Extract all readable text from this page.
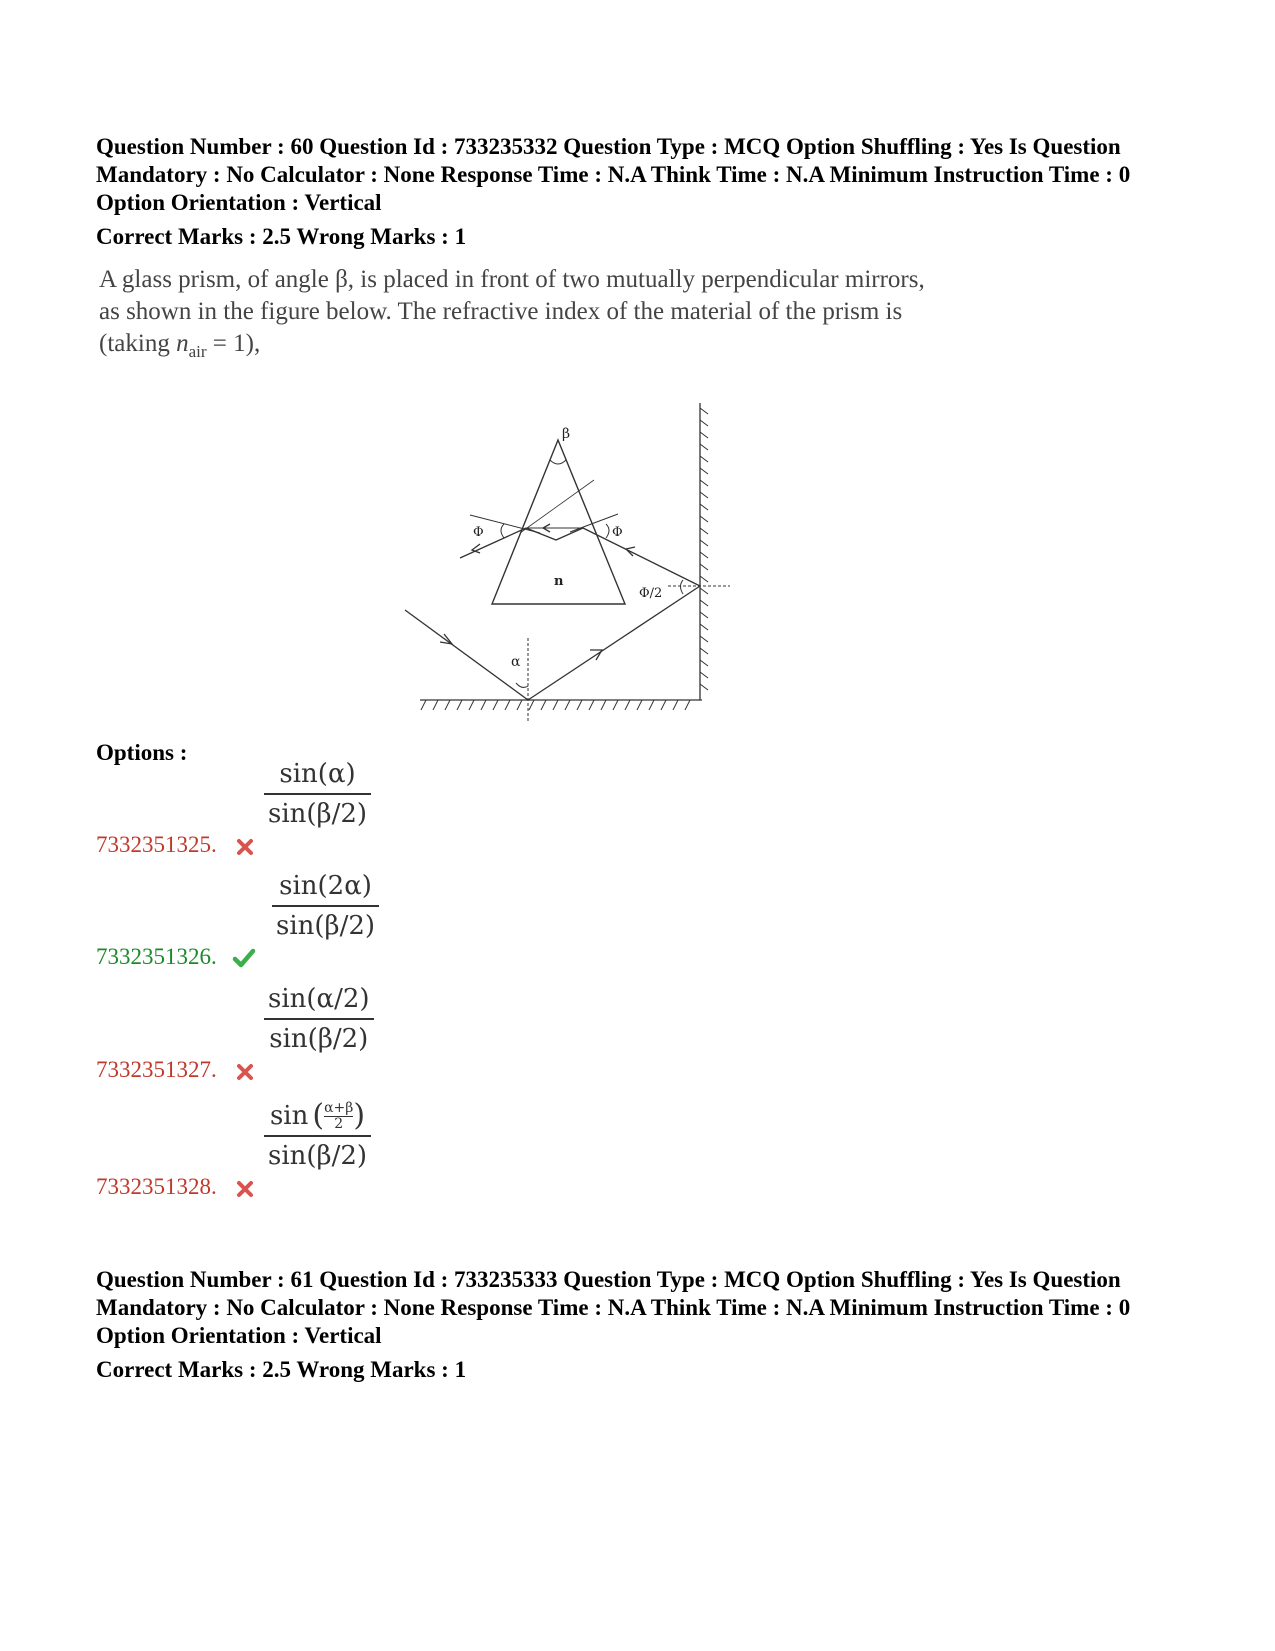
Question Number : 60 Question Id : 733235332 Question Type : MCQ Option Shuffling : Yes Is Question Mandatory : No Calculator : None Response Time : N.A Think Time : N.A Minimum Instruction Time : 0 Option Orientation : Vertical

Correct Marks : 2.5 Wrong Marks : 1

A glass prism, of angle β, is placed in front of two mutually perpendicular mirrors,
as shown in the figure below. The refractive index of the material of the prism is
(taking $n_{air} = 1$),
β
Φ	Φ
n
Φ/2
α

Options :

7332351325.
sin(α)
sin(β/2)
7332351326.
sin(2α)
sin(β/2)
7332351327.
sin(α/2)
sin(β/2)
7332351328.
sin ( α+β
2 )
sin(β/2)

Question Number : 61 Question Id : 733235333 Question Type : MCQ Option Shuffling : Yes Is Question Mandatory : No Calculator : None Response Time : N.A Think Time : N.A Minimum Instruction Time : 0 Option Orientation : Vertical

Correct Marks : 2.5 Wrong Marks : 1
